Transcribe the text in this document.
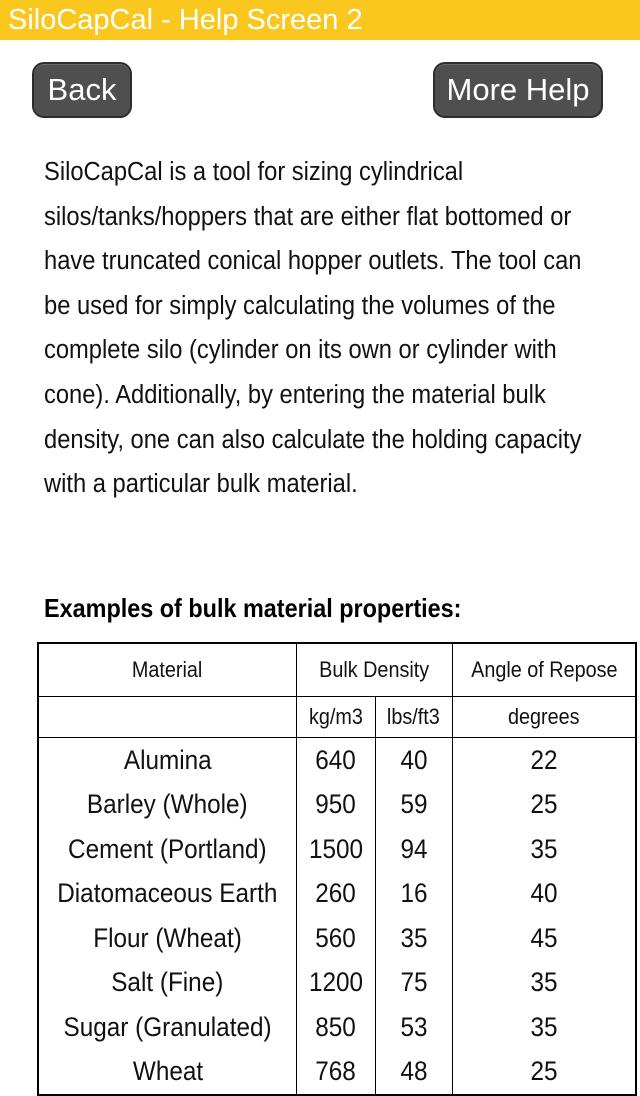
SiloCapCal - Help Screen 2
Back	More Help
SiloCapCal is a tool for sizing cylindrical silos/tanks/hoppers that are either flat bottomed or have truncated conical hopper outlets. The tool can be used for simply calculating the volumes of the complete silo (cylinder on its own or cylinder with cone). Additionally, by entering the material bulk density, one can also calculate the holding capacity with a particular bulk material.
Examples of bulk material properties:
Material	Bulk Density		Angle of Repose
	kg/m3	lbs/ft3	degrees
Alumina	640	40	22
Barley (Whole)	950	59	25
Cement (Portland)	1500	94	35
Diatomaceous Earth	260	16	40
Flour (Wheat)	560	35	45
Salt (Fine)	1200	75	35
Sugar (Granulated)	850	53	35
Wheat	768	48	25
